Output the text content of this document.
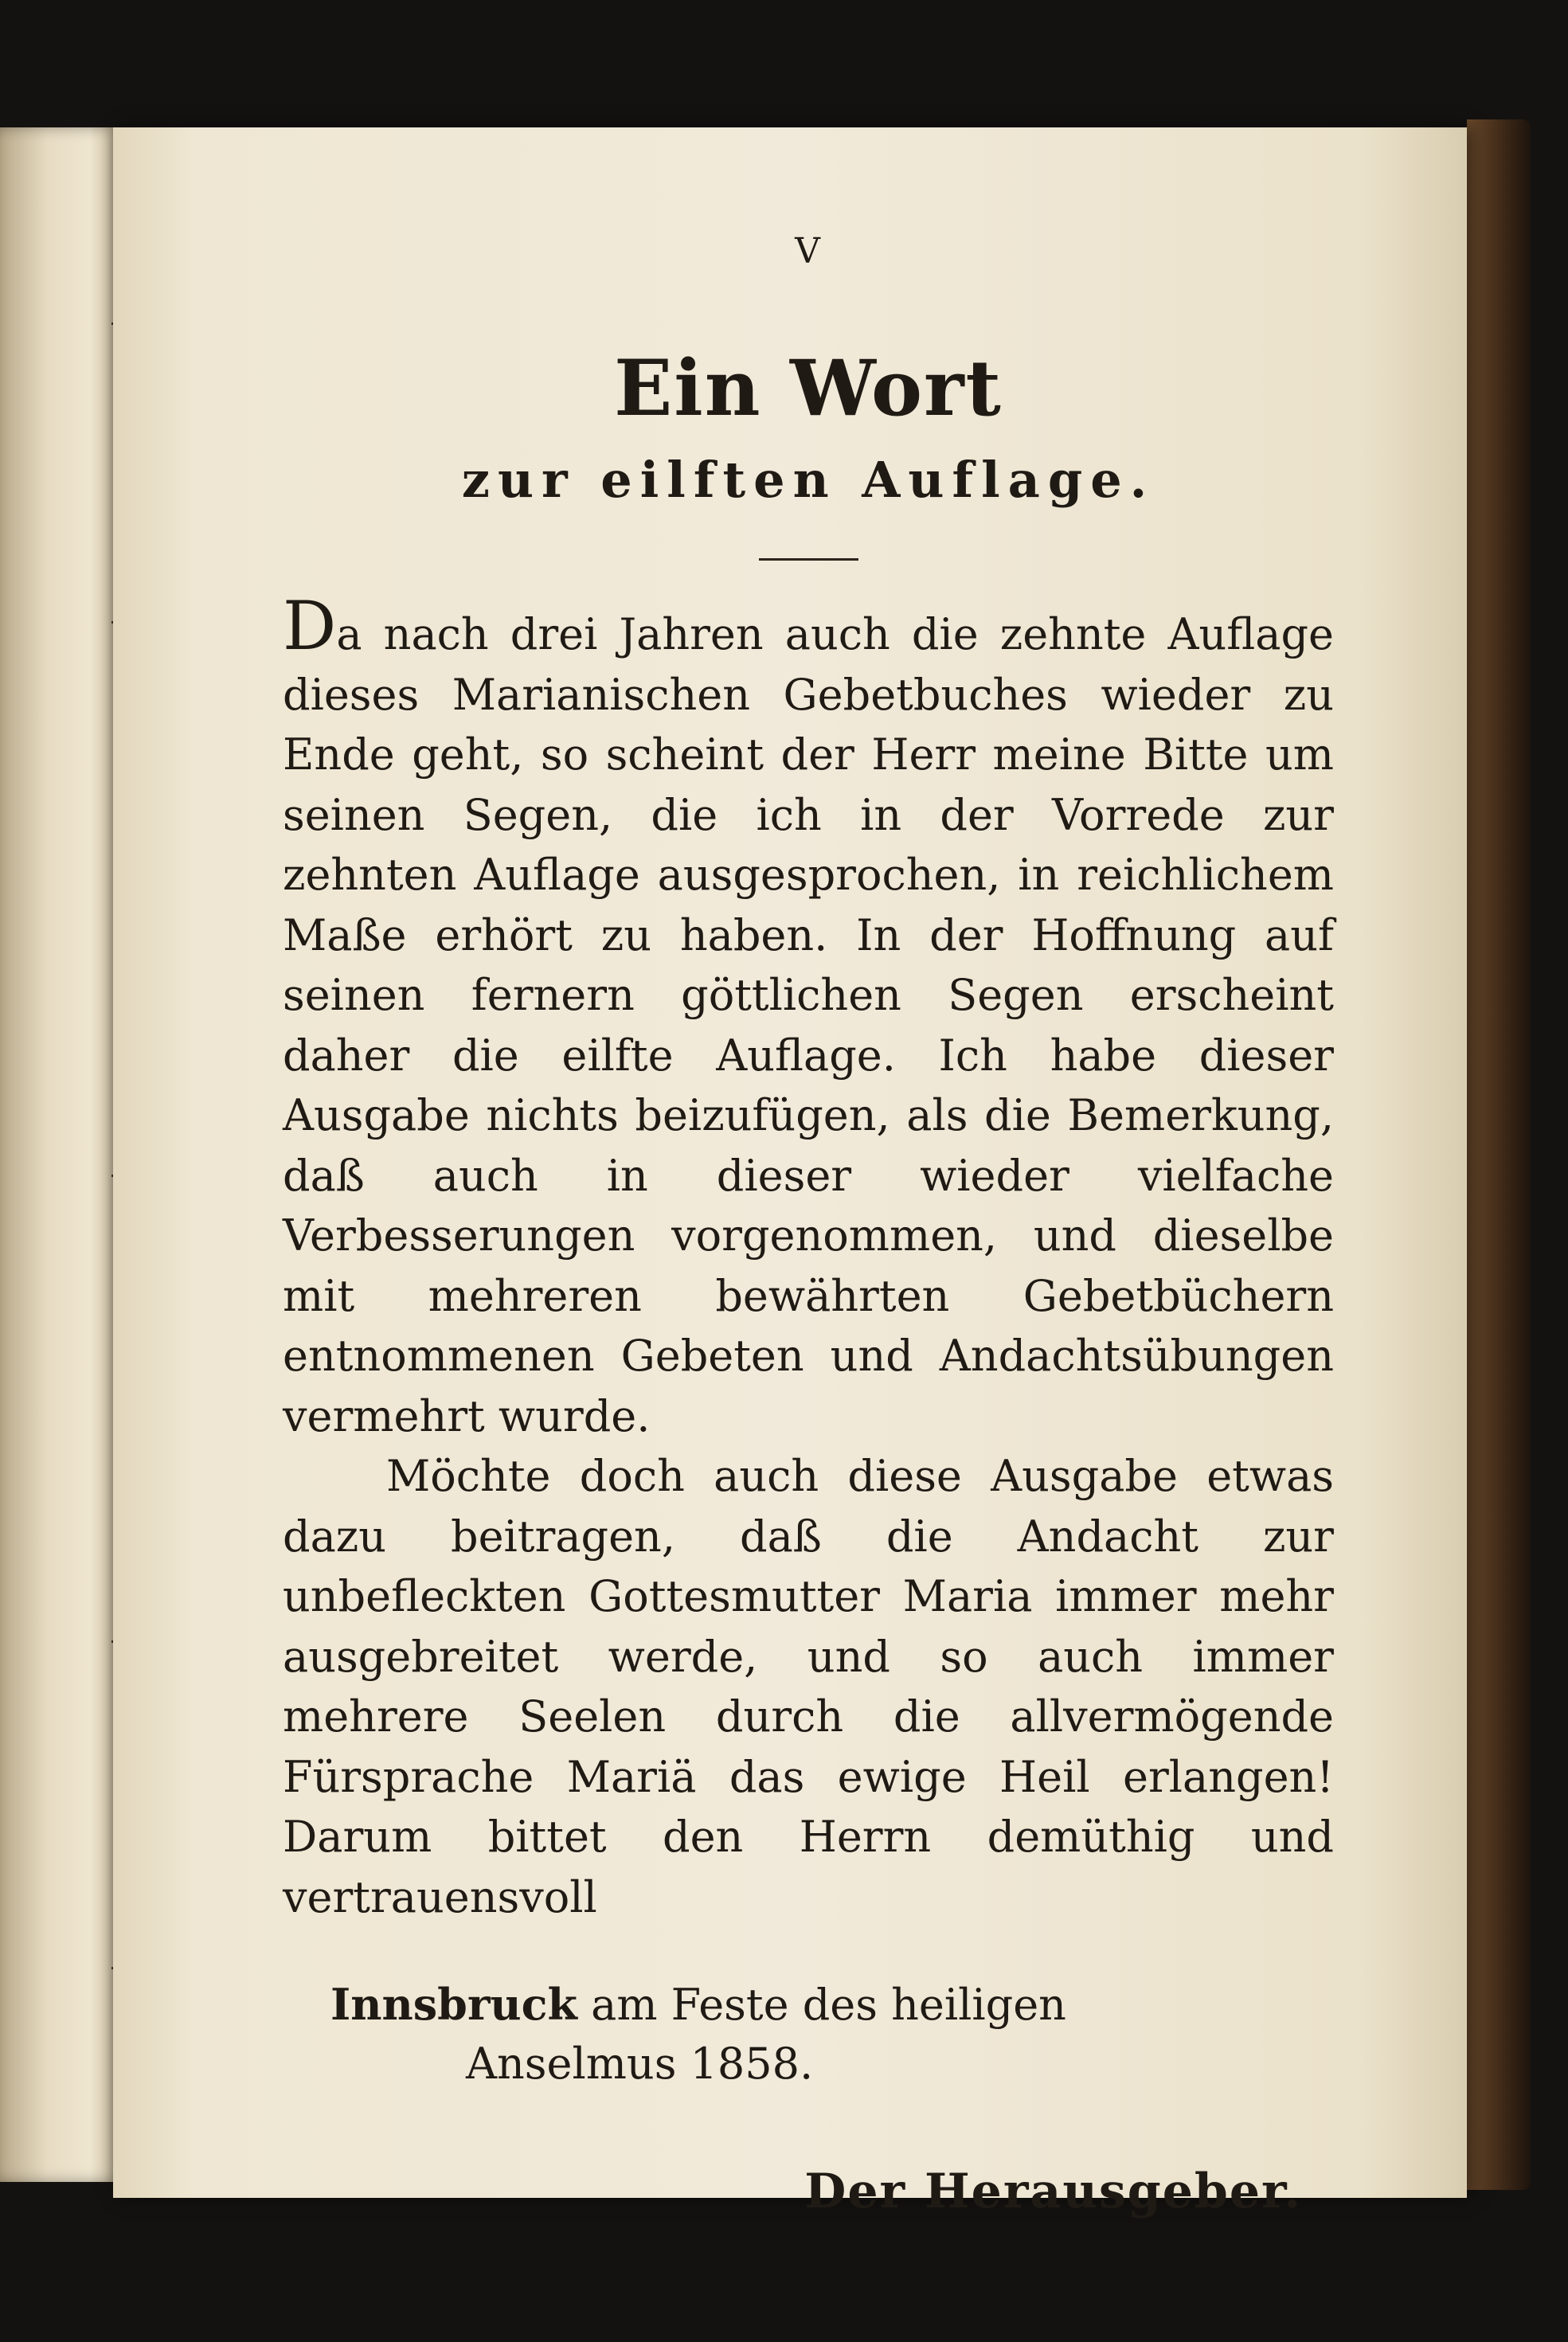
V
Ein Wort
zur eilften Auflage.

Da nach drei Jahren auch die zehnte Auflage dieses Marianischen Gebetbuches wieder zu Ende geht, so scheint der Herr meine Bitte um seinen Segen, die ich in der Vorrede zur zehnten Auflage ausgesprochen, in reichlichem Maße erhört zu haben. In der Hoffnung auf seinen fernern göttlichen Segen erscheint daher die eilfte Auflage. Ich habe dieser Ausgabe nichts beizufügen, als die Bemerkung, daß auch in dieser wieder vielfache Verbesserungen vorgenommen, und dieselbe mit mehreren bewährten Gebetbüchern entnommenen Gebeten und Andachtsübungen vermehrt wurde.

Möchte doch auch diese Ausgabe etwas dazu beitragen, daß die Andacht zur unbefleckten Gottesmutter Maria immer mehr ausgebreitet werde, und so auch immer mehrere Seelen durch die allvermögende Fürsprache Mariä das ewige Heil erlangen! Darum bittet den Herrn demüthig und vertrauensvoll

Innsbruck am Feste des heiligen
Anselmus 1858.
Der Herausgeber.
